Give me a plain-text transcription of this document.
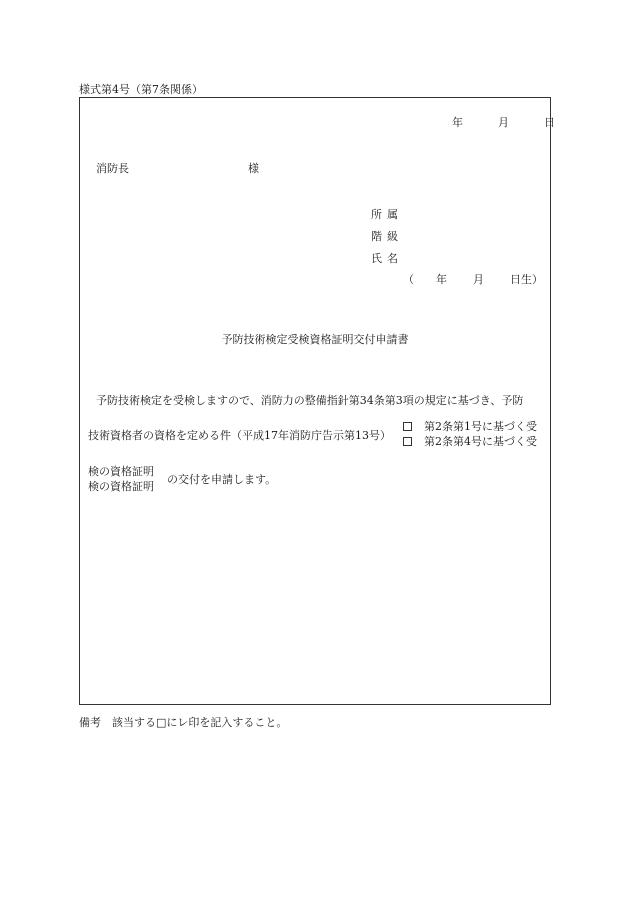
様式第4号（第7条関係）
年	月	日
消防長	様
所 属
階 級
氏 名
（ 年 月 日生）
予防技術検定受検資格証明交付申請書
予防技術検定を受検しますので、消防力の整備指針第34条第3項の規定に基づき、予防
技術資格者の資格を定める件（平成17年消防庁告示第13号）
第2条第1号に基づく受
第2条第4号に基づく受
検の資格証明
検の資格証明
の交付を申請します。
備考　該当する□にレ印を記入すること。
